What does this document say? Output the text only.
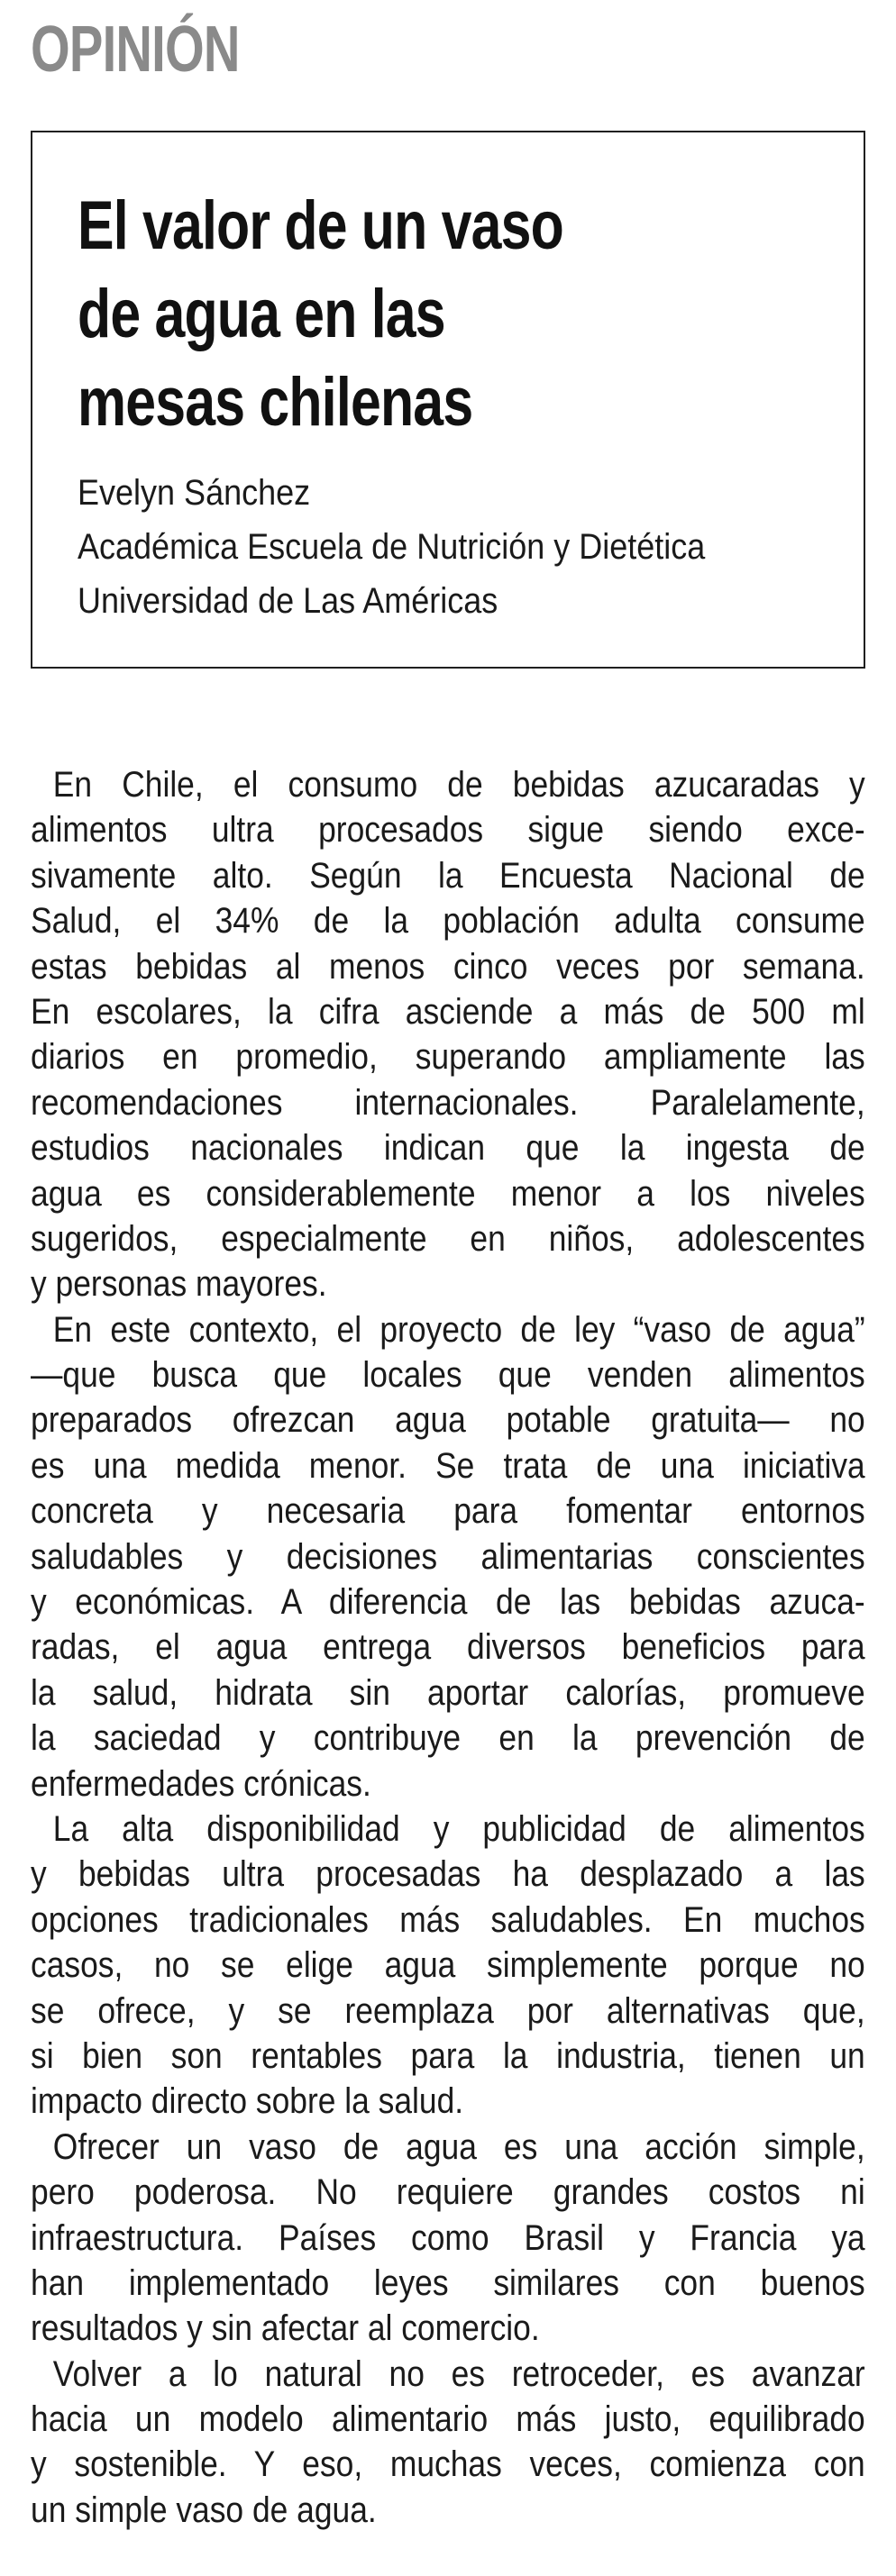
OPINIÓN
El valor de un vaso
de agua en las
mesas chilenas
Evelyn Sánchez
Académica Escuela de Nutrición y Dietética
Universidad de Las Américas
En Chile, el consumo de bebidas azucaradas y
alimentos ultra procesados sigue siendo exce-
sivamente alto. Según la Encuesta Nacional de
Salud, el 34% de la población adulta consume
estas bebidas al menos cinco veces por semana.
En escolares, la cifra asciende a más de 500 ml
diarios en promedio, superando ampliamente las
recomendaciones internacionales. Paralelamente,
estudios nacionales indican que la ingesta de
agua es considerablemente menor a los niveles
sugeridos, especialmente en niños, adolescentes
y personas mayores.
En este contexto, el proyecto de ley “vaso de agua”
—que busca que locales que venden alimentos
preparados ofrezcan agua potable gratuita— no
es una medida menor. Se trata de una iniciativa
concreta y necesaria para fomentar entornos
saludables y decisiones alimentarias conscientes
y económicas. A diferencia de las bebidas azuca-
radas, el agua entrega diversos beneficios para
la salud, hidrata sin aportar calorías, promueve
la saciedad y contribuye en la prevención de
enfermedades crónicas.
La alta disponibilidad y publicidad de alimentos
y bebidas ultra procesadas ha desplazado a las
opciones tradicionales más saludables. En muchos
casos, no se elige agua simplemente porque no
se ofrece, y se reemplaza por alternativas que,
si bien son rentables para la industria, tienen un
impacto directo sobre la salud.
Ofrecer un vaso de agua es una acción simple,
pero poderosa. No requiere grandes costos ni
infraestructura. Países como Brasil y Francia ya
han implementado leyes similares con buenos
resultados y sin afectar al comercio.
Volver a lo natural no es retroceder, es avanzar
hacia un modelo alimentario más justo, equilibrado
y sostenible. Y eso, muchas veces, comienza con
un simple vaso de agua.
